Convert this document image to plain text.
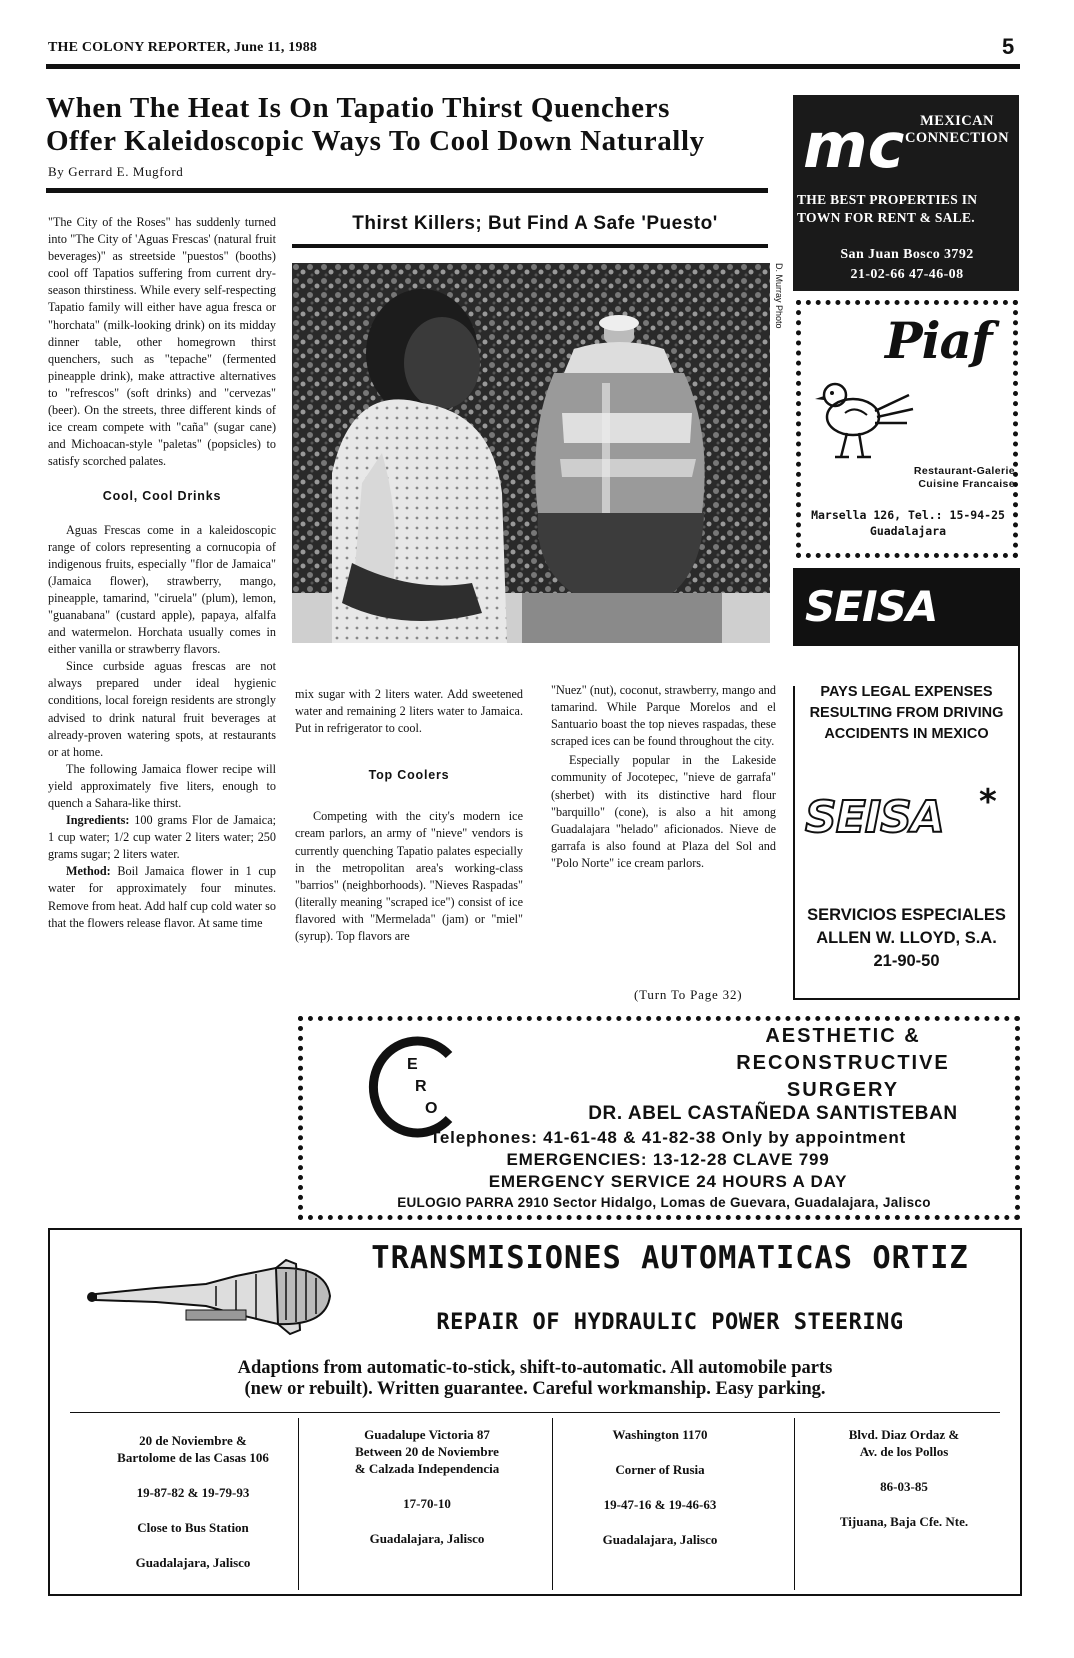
THE COLONY REPORTER, June 11, 1988	5
When The Heat Is On Tapatio Thirst Quenchers
Offer Kaleidoscopic Ways To Cool Down Naturally
By Gerrard E. Mugford

"The City of the Roses" has suddenly turned into "The City of 'Aguas Frescas' (natural fruit beverages)" as streetside "puestos" (booths) cool off Tapatios suffering from current dry-season thirstiness. While every self-respecting Tapatio family will either have agua fresca or "horchata" (milk-looking drink) on its midday dinner table, other homegrown thirst quenchers, such as "tepache" (fermented pineapple drink), make attractive alternatives to "refrescos" (soft drinks) and "cervezas" (beer). On the streets, three different kinds of ice cream compete with "caña" (sugar cane) and Michoacan-style "paletas" (popsicles) to satisfy scorched palates.

Cool, Cool Drinks

Aguas Frescas come in a kaleidoscopic range of colors representing a cornucopia of indigenous fruits, especially "flor de Jamaica" (Jamaica flower), strawberry, mango, pineapple, tamarind, "ciruela" (plum), lemon, "guanabana" (custard apple), papaya, alfalfa and watermelon. Horchata usually comes in either vanilla or strawberry flavors.

Since curbside aguas frescas are not always prepared under ideal hygienic conditions, local foreign residents are strongly advised to drink natural fruit beverages at already-proven watering spots, at restaurants or at home.

The following Jamaica flower recipe will yield approximately five liters, enough to quench a Sahara-like thirst.

Ingredients: 100 grams Flor de Jamaica; 1 cup water; 1/2 cup water 2 liters water; 250 grams sugar; 2 liters water.

Method: Boil Jamaica flower in 1 cup water for approximately four minutes. Remove from heat. Add half cup cold water so that the flowers release flavor. At same time

Thirst Killers; But Find A Safe 'Puesto'
D. Murray Photo

mix sugar with 2 liters water. Add sweetened water and remaining 2 liters water to Jamaica. Put in refrigerator to cool.

Top Coolers

Competing with the city's modern ice cream parlors, an army of "nieve" vendors is currently quenching Tapatio palates especially in the metropolitan area's working-class "barrios" (neighborhoods). "Nieves Raspadas" (literally meaning "scraped ice") consist of ice flavored with "Mermelada" (jam) or "miel" (syrup). Top flavors are

"Nuez" (nut), coconut, strawberry, mango and tamarind. While Parque Morelos and el Santuario boast the top nieves raspadas, these scraped ices can be found throughout the city.

Especially popular in the Lakeside community of Jocotepec, "nieve de garrafa" (sherbet) with its distinctive hard flour "barquillo" (cone), is also a hit among Guadalajara "helado" aficionados. Nieve de garrafa is also found at Plaza del Sol and "Polo Norte" ice cream parlors.

(Turn To Page 32)
mc	MEXICAN CONNECTION
THE BEST PROPERTIES IN TOWN FOR RENT & SALE.
San Juan Bosco 3792
21-02-66 47-46-08
Piaf
Restaurant-Galerie
Cuisine Francaise
Marsella 126, Tel.: 15-94-25
Guadalajara
SEISA
PAYS LEGAL EXPENSES
RESULTING FROM DRIVING
ACCIDENTS IN MEXICO
SEISA *
SERVICIOS ESPECIALES
ALLEN W. LLOYD, S.A.
21-90-50
E
R
O
C	AESTHETIC &
RECONSTRUCTIVE
SURGERY
DR. ABEL CASTAÑEDA SANTISTEBAN
Telephones: 41-61-48 & 41-82-38 Only by appointment
EMERGENCIES: 13-12-28 CLAVE 799
EMERGENCY SERVICE 24 HOURS A DAY
EULOGIO PARRA 2910 Sector Hidalgo, Lomas de Guevara, Guadalajara, Jalisco
TRANSMISIONES AUTOMATICAS ORTIZ
REPAIR OF HYDRAULIC POWER STEERING
Adaptions from automatic-to-stick, shift-to-automatic. All automobile parts
(new or rebuilt). Written guarantee. Careful workmanship. Easy parking.
20 de Noviembre &
Bartolome de las Casas 106
19-87-82 & 19-79-93
Close to Bus Station
Guadalajara, Jalisco
Guadalupe Victoria 87
Between 20 de Noviembre
& Calzada Independencia
17-70-10
Guadalajara, Jalisco
Washington 1170
Corner of Rusia
19-47-16 & 19-46-63
Guadalajara, Jalisco
Blvd. Diaz Ordaz &
Av. de los Pollos
86-03-85
Tijuana, Baja Cfe. Nte.
